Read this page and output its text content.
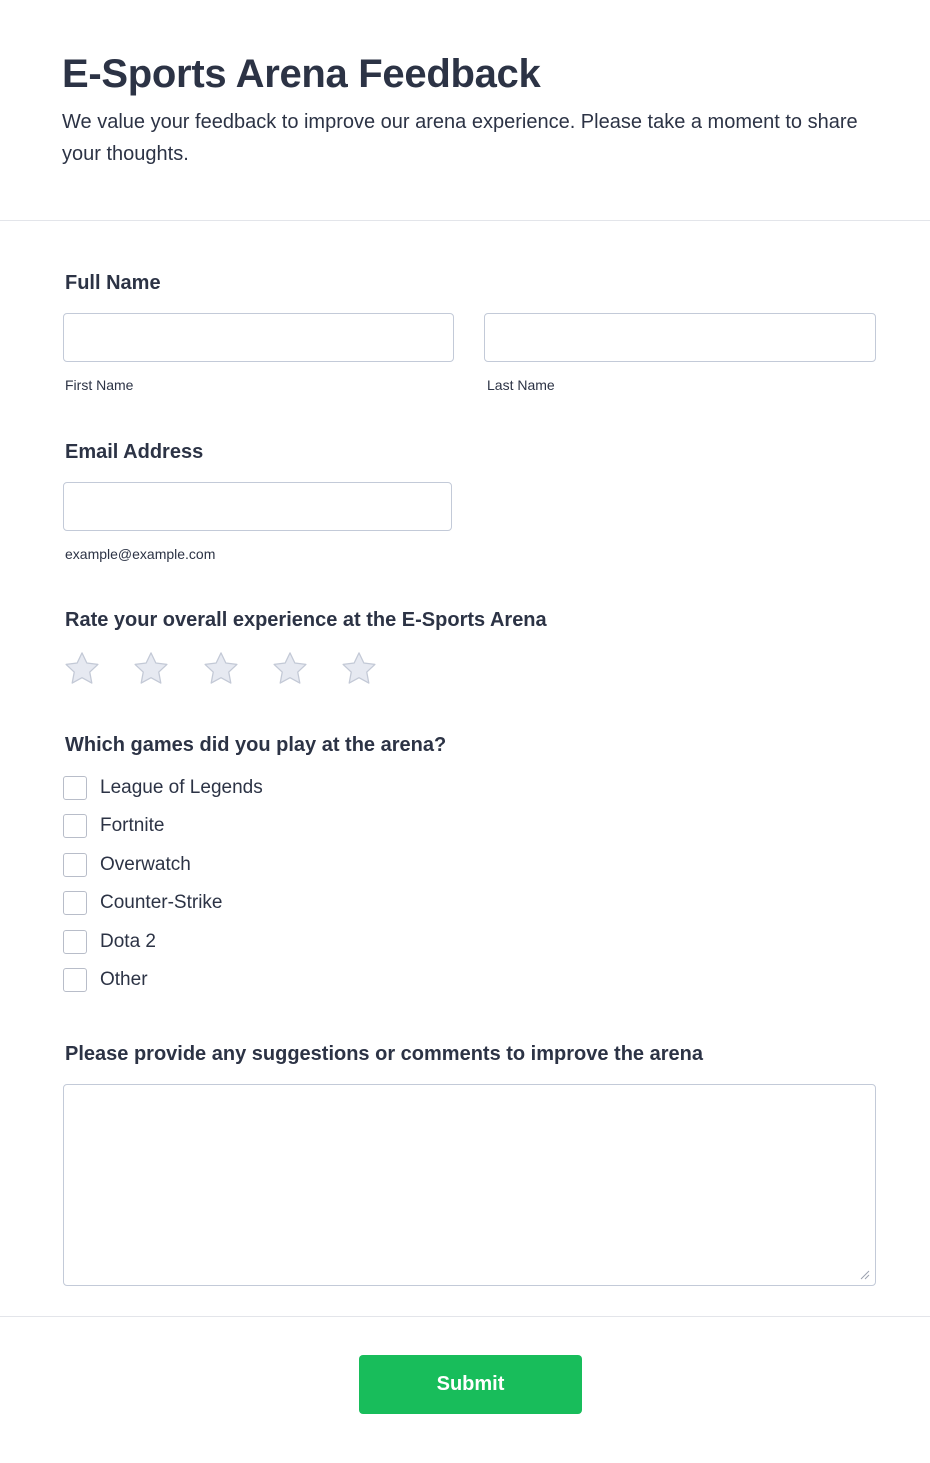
E-Sports Arena Feedback

We value your feedback to improve our arena experience. Please take a moment to share your thoughts.

Full Name
First Name	Last Name
Email Address
example@example.com
Rate your overall experience at the E-Sports Arena
Which games did you play at the arena?
League of Legends
Fortnite
Overwatch
Counter-Strike
Dota 2
Other
Please provide any suggestions or comments to improve the arena
Submit
